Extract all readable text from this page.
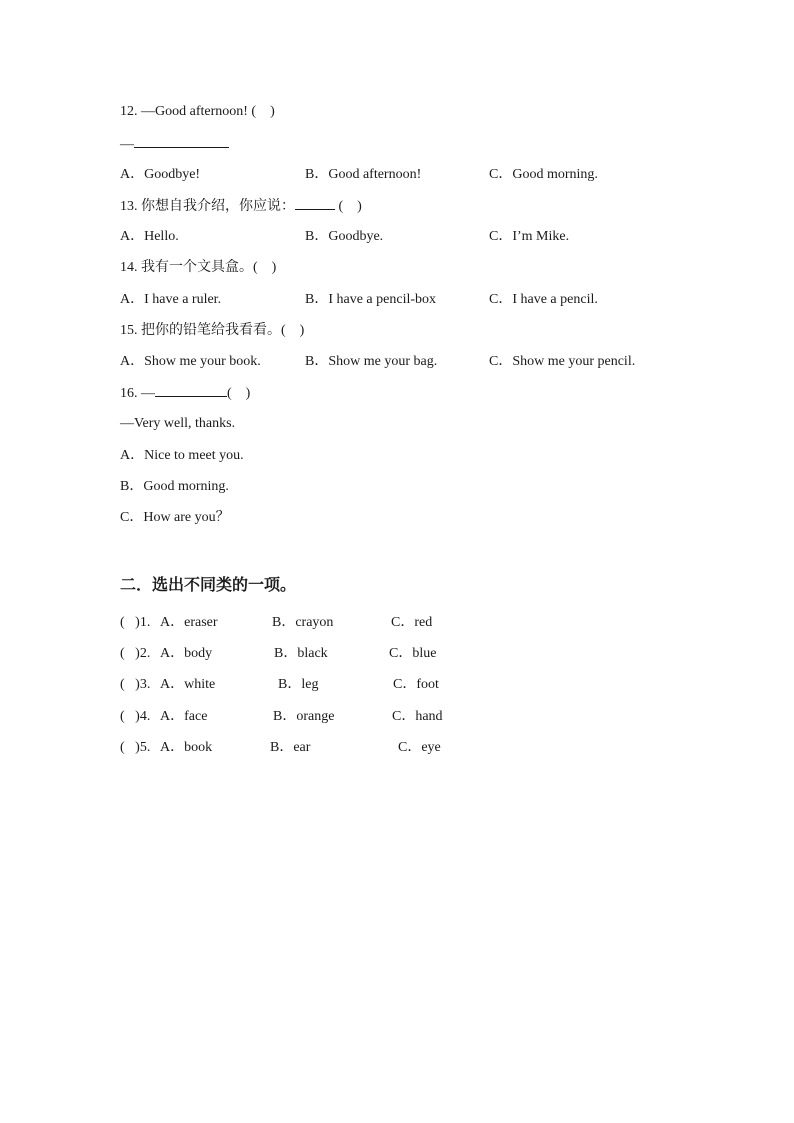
12. —Good afternoon! (    )
—
A．Goodbye!	B．Good afternoon!	C．Good morning.
13. 你想自我介绍，你应说：	(    )
A．Hello.	B．Goodbye.	C．I’m Mike.
14. 我有一个文具盒。(    )
A．I have a ruler.	B．I have a pencil-box	C．I have a pencil.
15. 把你的铅笔给我看看。(    )
A．Show me your book.	B．Show me your bag.	C．Show me your pencil.
16. —	(    )
—Very well, thanks.
A．Nice to meet you.
B．Good morning.
C．How are you？
二．选出不同类的一项。
(   )1. A．eraser	B．crayon	C．red
(   )2. A．body	B．black	C．blue
(   )3. A．white	B．leg	C．foot
(   )4. A．face	B．orange	C．hand
(   )5. A．book	B．ear	C．eye
